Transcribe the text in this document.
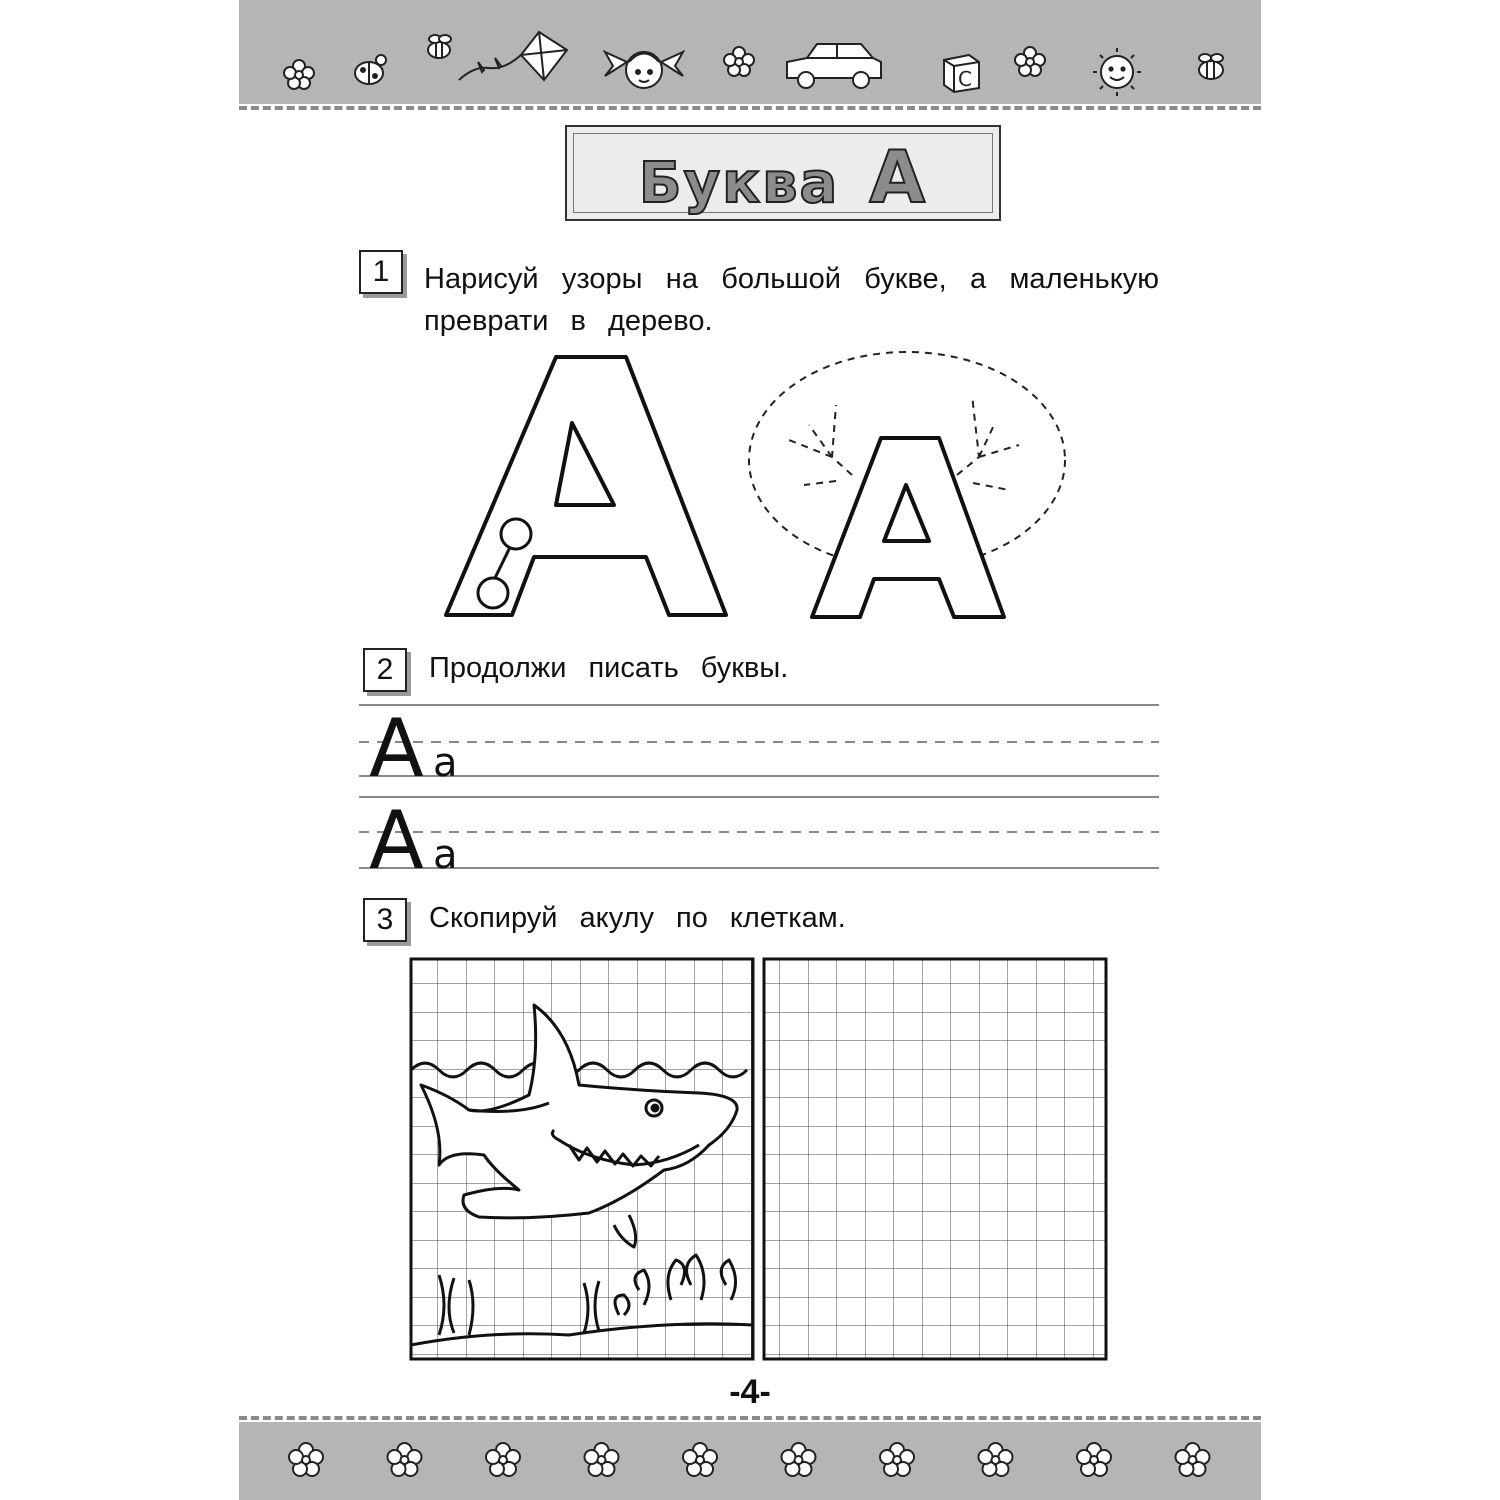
C
Буква А
1	Нарисуй узоры на большой букве, а маленькую преврати в дерево.
2	Продолжи писать буквы.
А а
А а
3	Скопируй акулу по клеткам.
-4-
